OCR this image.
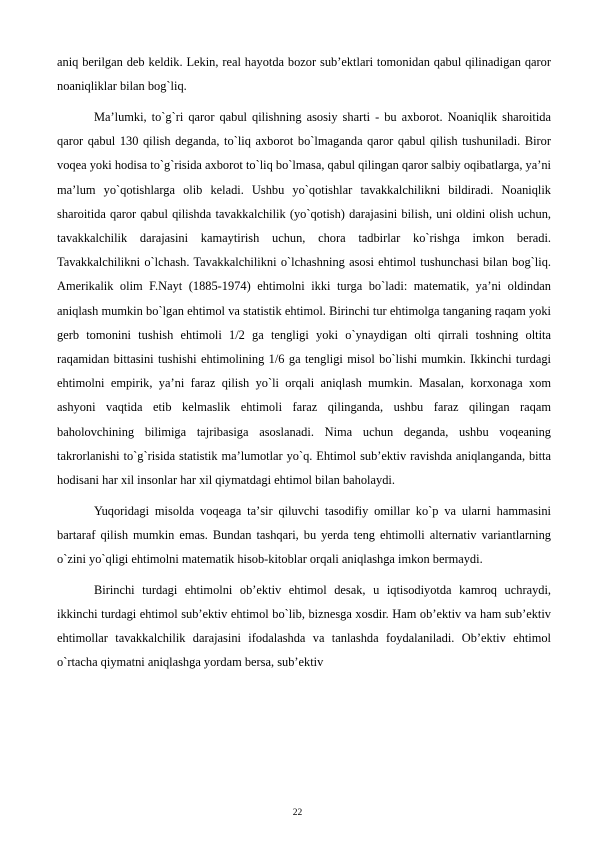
aniq berilgan deb keldik. Lekin, real hayotda bozor subʼektlari tomonidan qabul qilinadigan qaror noaniqliklar bilan bog`liq.

Maʼlumki, to`g`ri qaror qabul qilishning asosiy sharti - bu axborot. Noaniqlik sharoitida qaror qabul 130 qilish deganda, to`liq axborot bo`lmaganda qaror qabul qilish tushuniladi. Biror voqea yoki hodisa to`g`risida axborot to`liq bo`lmasa, qabul qilingan qaror salbiy oqibatlarga, yaʼni maʼlum yo`qotishlarga olib keladi. Ushbu yo`qotishlar tavakkalchilikni bildiradi. Noaniqlik sharoitida qaror qabul qilishda tavakkalchilik (yo`qotish) darajasini bilish, uni oldini olish uchun, tavakkalchilik darajasini kamaytirish uchun, chora tadbirlar ko`rishga imkon beradi. Tavakkalchilikni o`lchash. Tavakkalchilikni o`lchashning asosi ehtimol tushunchasi bilan bog`liq. Amerikalik olim F.Nayt (1885-1974) ehtimolni ikki turga bo`ladi: matematik, yaʼni oldindan aniqlash mumkin bo`lgan ehtimol va statistik ehtimol. Birinchi tur ehtimolga tanganing raqam yoki gerb tomonini tushish ehtimoli 1/2 ga tengligi yoki o`ynaydigan olti qirrali toshning oltita raqamidan bittasini tushishi ehtimolining 1/6 ga tengligi misol bo`lishi mumkin. Ikkinchi turdagi ehtimolni empirik, yaʼni faraz qilish yo`li orqali aniqlash mumkin. Masalan, korxonaga xom ashyoni vaqtida etib kelmaslik ehtimoli faraz qilinganda, ushbu faraz qilingan raqam baholovchining bilimiga tajribasiga asoslanadi. Nima uchun deganda, ushbu voqeaning takrorlanishi to`g`risida statistik maʼlumotlar yo`q. Ehtimol subʼektiv ravishda aniqlanganda, bitta hodisani har xil insonlar har xil qiymatdagi ehtimol bilan baholaydi.

Yuqoridagi misolda voqeaga taʼsir qiluvchi tasodifiy omillar ko`p va ularni hammasini bartaraf qilish mumkin emas. Bundan tashqari, bu yerda teng ehtimolli alternativ variantlarning o`zini yo`qligi ehtimolni matematik hisob-kitoblar orqali aniqlashga imkon bermaydi.

Birinchi turdagi ehtimolni obʼektiv ehtimol desak, u iqtisodiyotda kamroq uchraydi, ikkinchi turdagi ehtimol subʼektiv ehtimol bo`lib, biznesga xosdir. Ham obʼektiv va ham subʼektiv ehtimollar tavakkalchilik darajasini ifodalashda va tanlashda foydalaniladi. Obʼektiv ehtimol o`rtacha qiymatni aniqlashga yordam bersa, subʼektiv

22
